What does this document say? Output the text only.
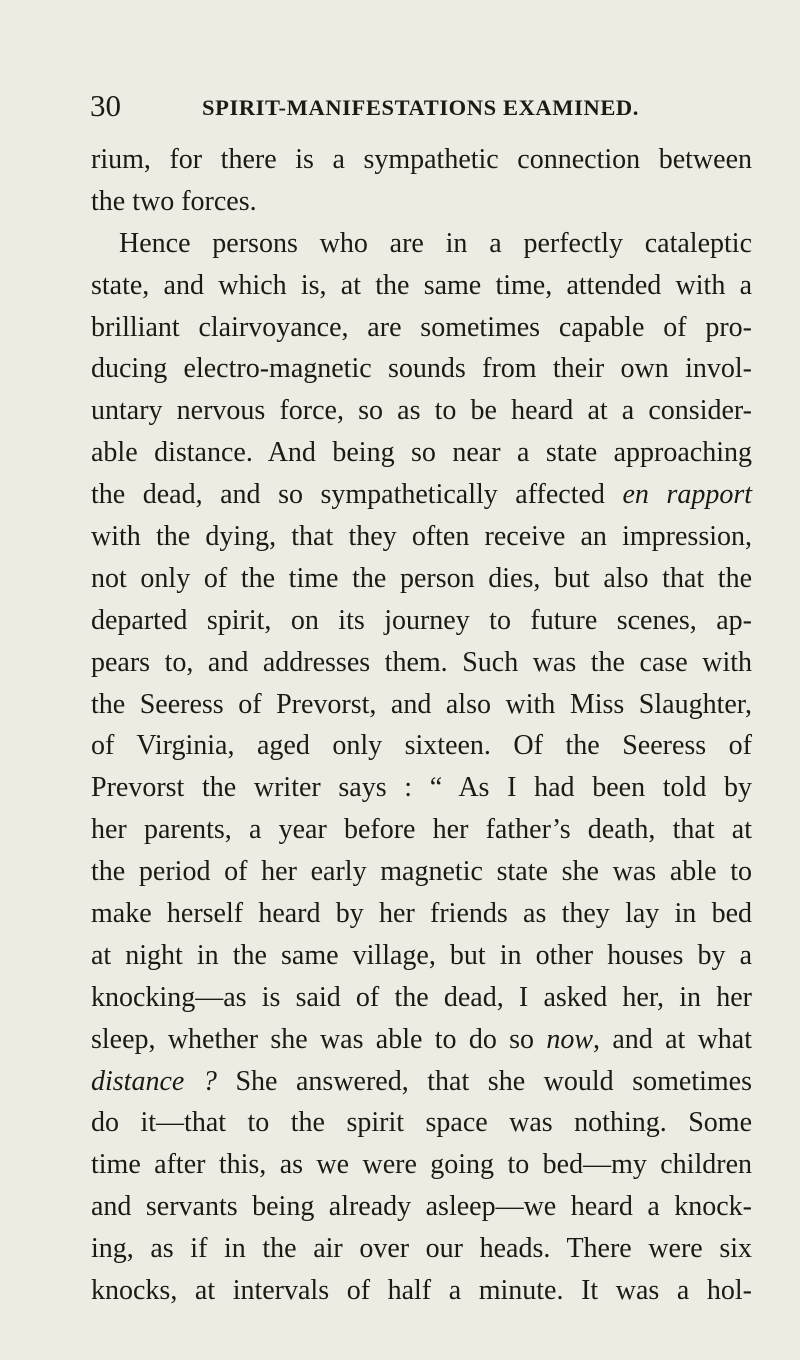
30	SPIRIT-MANIFESTATIONS EXAMINED.
rium, for there is a sympathetic connection between
the two forces.
Hence persons who are in a perfectly cataleptic
state, and which is, at the same time, attended with a
brilliant clairvoyance, are sometimes capable of pro-
ducing electro-magnetic sounds from their own invol-
untary nervous force, so as to be heard at a consider-
able distance. And being so near a state approaching
the dead, and so sympathetically affected en rapport
with the dying, that they often receive an impression,
not only of the time the person dies, but also that the
departed spirit, on its journey to future scenes, ap-
pears to, and addresses them. Such was the case with
the Seeress of Prevorst, and also with Miss Slaughter,
of Virginia, aged only sixteen. Of the Seeress of
Prevorst the writer says : “ As I had been told by
her parents, a year before her father’s death, that at
the period of her early magnetic state she was able to
make herself heard by her friends as they lay in bed
at night in the same village, but in other houses by a
knocking—as is said of the dead, I asked her, in her
sleep, whether she was able to do so now, and at what
distance ? She answered, that she would sometimes
do it—that to the spirit space was nothing. Some
time after this, as we were going to bed—my children
and servants being already asleep—we heard a knock-
ing, as if in the air over our heads. There were six
knocks, at intervals of half a minute. It was a hol-
